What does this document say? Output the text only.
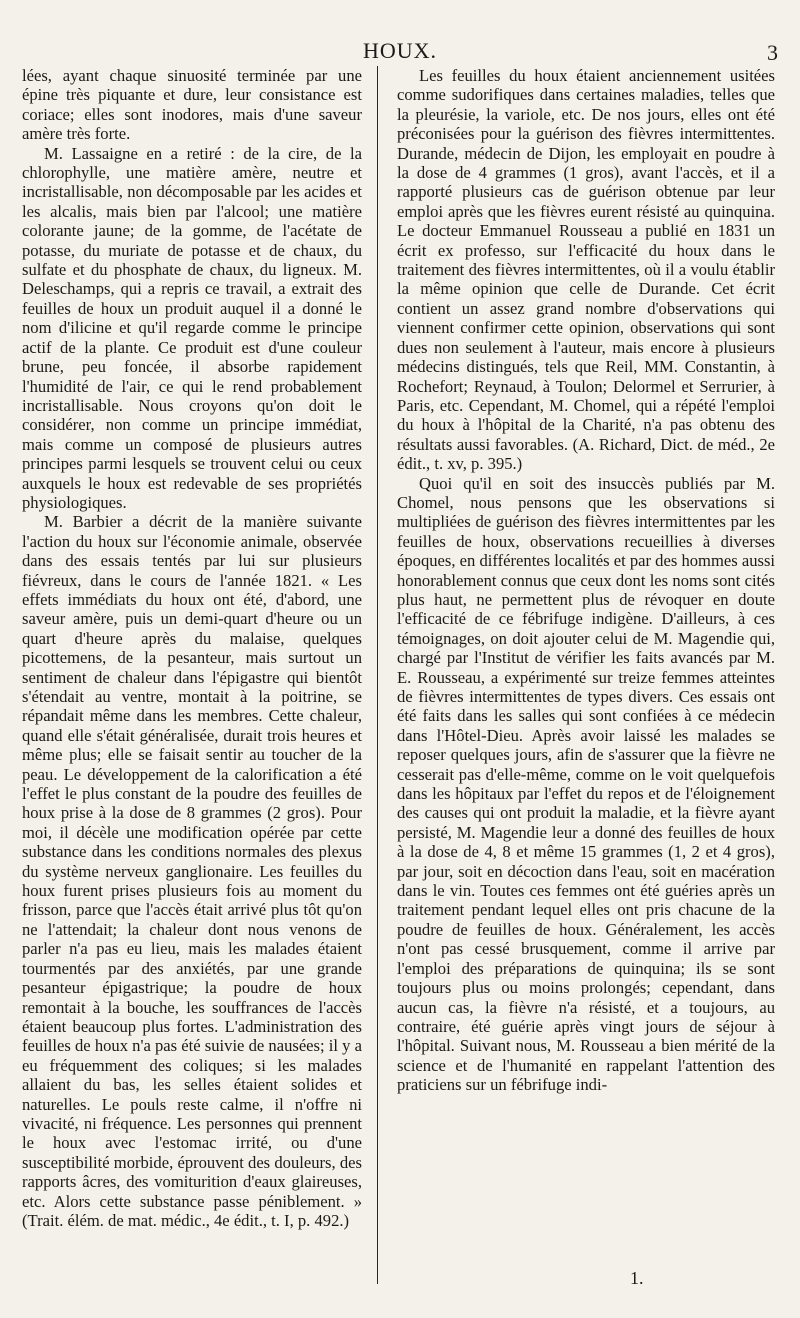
HOUX.	3

lées, ayant chaque sinuosité terminée par une épine très piquante et dure, leur consistance est coriace; elles sont inodores, mais d'une saveur amère très forte.

M. Lassaigne en a retiré : de la cire, de la chlorophylle, une matière amère, neutre et incristallisable, non décomposable par les acides et les alcalis, mais bien par l'alcool; une matière colorante jaune; de la gomme, de l'acétate de potasse, du muriate de potasse et de chaux, du sulfate et du phosphate de chaux, du ligneux. M. Deleschamps, qui a repris ce travail, a extrait des feuilles de houx un produit auquel il a donné le nom d'ilicine et qu'il regarde comme le principe actif de la plante. Ce produit est d'une couleur brune, peu foncée, il absorbe rapidement l'humidité de l'air, ce qui le rend probablement incristallisable. Nous croyons qu'on doit le considérer, non comme un principe immédiat, mais comme un composé de plusieurs autres principes parmi lesquels se trouvent celui ou ceux auxquels le houx est redevable de ses propriétés physiologiques.

M. Barbier a décrit de la manière suivante l'action du houx sur l'économie animale, observée dans des essais tentés par lui sur plusieurs fiévreux, dans le cours de l'année 1821. « Les effets immédiats du houx ont été, d'abord, une saveur amère, puis un demi-quart d'heure ou un quart d'heure après du malaise, quelques picottemens, de la pesanteur, mais surtout un sentiment de chaleur dans l'épigastre qui bientôt s'étendait au ventre, montait à la poitrine, se répandait même dans les membres. Cette chaleur, quand elle s'était généralisée, durait trois heures et même plus; elle se faisait sentir au toucher de la peau. Le développement de la calorification a été l'effet le plus constant de la poudre des feuilles de houx prise à la dose de 8 grammes (2 gros). Pour moi, il décèle une modification opérée par cette substance dans les conditions normales des plexus du système nerveux ganglionaire. Les feuilles du houx furent prises plusieurs fois au moment du frisson, parce que l'accès était arrivé plus tôt qu'on ne l'attendait; la chaleur dont nous venons de parler n'a pas eu lieu, mais les malades étaient tourmentés par des anxiétés, par une grande pesanteur épigastrique; la poudre de houx remontait à la bouche, les souffrances de l'accès étaient beaucoup plus fortes. L'administration des feuilles de houx n'a pas été suivie de nausées; il y a eu fréquemment des coliques; si les malades allaient du bas, les selles étaient solides et naturelles. Le pouls reste calme, il n'offre ni vivacité, ni fréquence. Les personnes qui prennent le houx avec l'estomac irrité, ou d'une susceptibilité morbide, éprouvent des douleurs, des rapports âcres, des vomiturition d'eaux glaireuses, etc. Alors cette substance passe péniblement. » (Trait. élém. de mat. médic., 4e édit., t. I, p. 492.)

Les feuilles du houx étaient anciennement usitées comme sudorifiques dans certaines maladies, telles que la pleurésie, la variole, etc. De nos jours, elles ont été préconisées pour la guérison des fièvres intermittentes. Durande, médecin de Dijon, les employait en poudre à la dose de 4 grammes (1 gros), avant l'accès, et il a rapporté plusieurs cas de guérison obtenue par leur emploi après que les fièvres eurent résisté au quinquina. Le docteur Emmanuel Rousseau a publié en 1831 un écrit ex professo, sur l'efficacité du houx dans le traitement des fièvres intermittentes, où il a voulu établir la même opinion que celle de Durande. Cet écrit contient un assez grand nombre d'observations qui viennent confirmer cette opinion, observations qui sont dues non seulement à l'auteur, mais encore à plusieurs médecins distingués, tels que Reil, MM. Constantin, à Rochefort; Reynaud, à Toulon; Delormel et Serrurier, à Paris, etc. Cependant, M. Chomel, qui a répété l'emploi du houx à l'hôpital de la Charité, n'a pas obtenu des résultats aussi favorables. (A. Richard, Dict. de méd., 2e édit., t. xv, p. 395.)

Quoi qu'il en soit des insuccès publiés par M. Chomel, nous pensons que les observations si multipliées de guérison des fièvres intermittentes par les feuilles de houx, observations recueillies à diverses époques, en différentes localités et par des hommes aussi honorablement connus que ceux dont les noms sont cités plus haut, ne permettent plus de révoquer en doute l'efficacité de ce fébrifuge indigène. D'ailleurs, à ces témoignages, on doit ajouter celui de M. Magendie qui, chargé par l'Institut de vérifier les faits avancés par M. E. Rousseau, a expérimenté sur treize femmes atteintes de fièvres intermittentes de types divers. Ces essais ont été faits dans les salles qui sont confiées à ce médecin dans l'Hôtel-Dieu. Après avoir laissé les malades se reposer quelques jours, afin de s'assurer que la fièvre ne cesserait pas d'elle-même, comme on le voit quelquefois dans les hôpitaux par l'effet du repos et de l'éloignement des causes qui ont produit la maladie, et la fièvre ayant persisté, M. Magendie leur a donné des feuilles de houx à la dose de 4, 8 et même 15 grammes (1, 2 et 4 gros), par jour, soit en décoction dans l'eau, soit en macération dans le vin. Toutes ces femmes ont été guéries après un traitement pendant lequel elles ont pris chacune de la poudre de feuilles de houx. Généralement, les accès n'ont pas cessé brusquement, comme il arrive par l'emploi des préparations de quinquina; ils se sont toujours plus ou moins prolongés; cependant, dans aucun cas, la fièvre n'a résisté, et a toujours, au contraire, été guérie après vingt jours de séjour à l'hôpital. Suivant nous, M. Rousseau a bien mérité de la science et de l'humanité en rappelant l'attention des praticiens sur un fébrifuge indi-

1.
